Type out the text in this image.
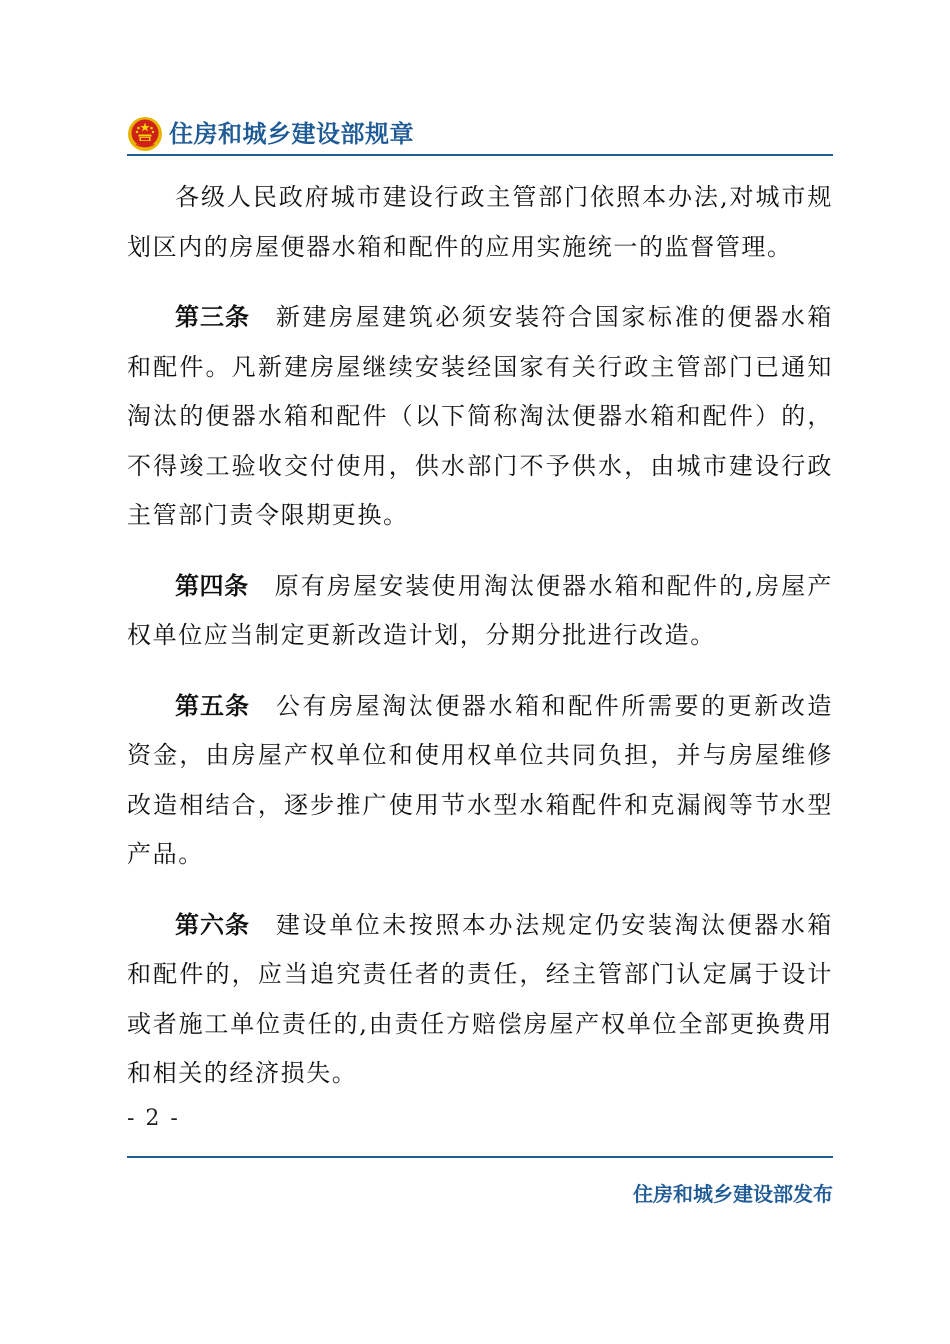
住房和城乡建设部规章

各级人民政府城市建设行政主管部门依照本办法,对城市规划区内的房屋便器水箱和配件的应用实施统一的监督管理。

第三条 新建房屋建筑必须安装符合国家标准的便器水箱和配件。凡新建房屋继续安装经国家有关行政主管部门已通知淘汰的便器水箱和配件（以下简称淘汰便器水箱和配件）的，不得竣工验收交付使用，供水部门不予供水，由城市建设行政主管部门责令限期更换。

第四条 原有房屋安装使用淘汰便器水箱和配件的,房屋产权单位应当制定更新改造计划，分期分批进行改造。

第五条 公有房屋淘汰便器水箱和配件所需要的更新改造资金，由房屋产权单位和使用权单位共同负担，并与房屋维修改造相结合，逐步推广使用节水型水箱配件和克漏阀等节水型产品。

第六条 建设单位未按照本办法规定仍安装淘汰便器水箱和配件的，应当追究责任者的责任，经主管部门认定属于设计或者施工单位责任的,由责任方赔偿房屋产权单位全部更换费用和相关的经济损失。

- 2 -
住房和城乡建设部发布
